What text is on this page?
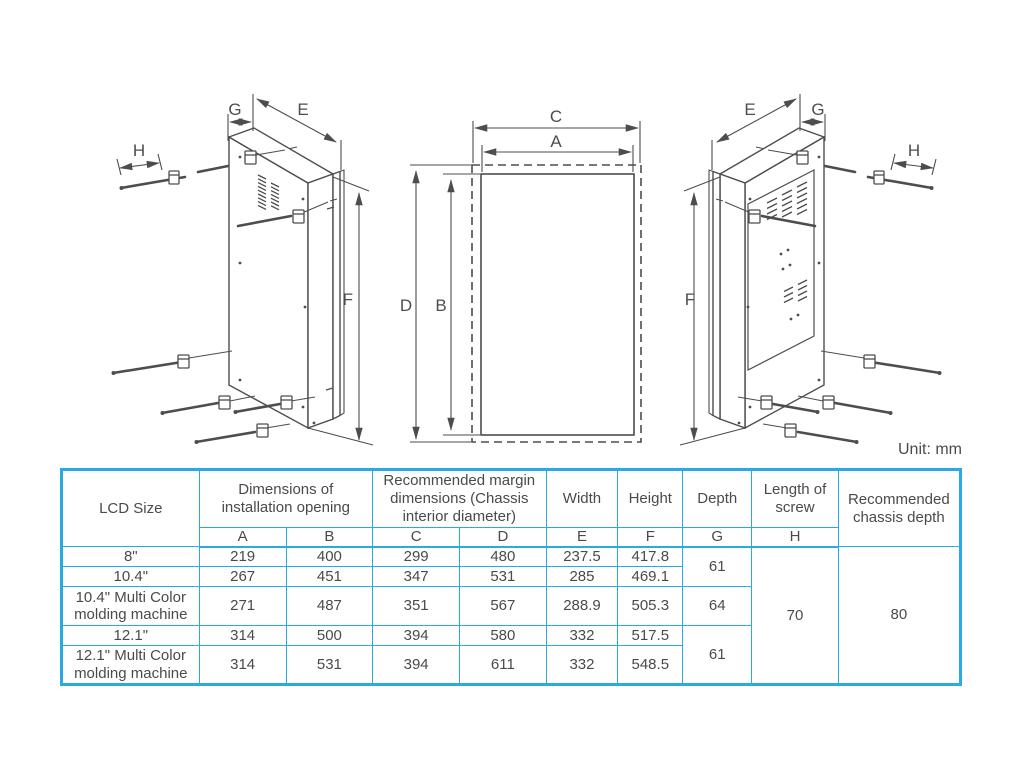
G	E
H
F
C
A
D B
G
E
H
F
Unit: mm
LCD Size	Dimensions of installation opening		Recommended margin dimensions (Chassis interior diameter)		Width	Height	Depth	Length of screw	Recommended chassis depth
	A	B	C	D	E	F	G	H	
8"	219	400	299	480	237.5	417.8	61	70	80
10.4"	267	451	347	531	285	469.1			
10.4" Multi Color molding machine	271	487	351	567	288.9	505.3	64		
12.1"	314	500	394	580	332	517.5	61		
12.1" Multi Color molding machine	314	531	394	611	332	548.5			
